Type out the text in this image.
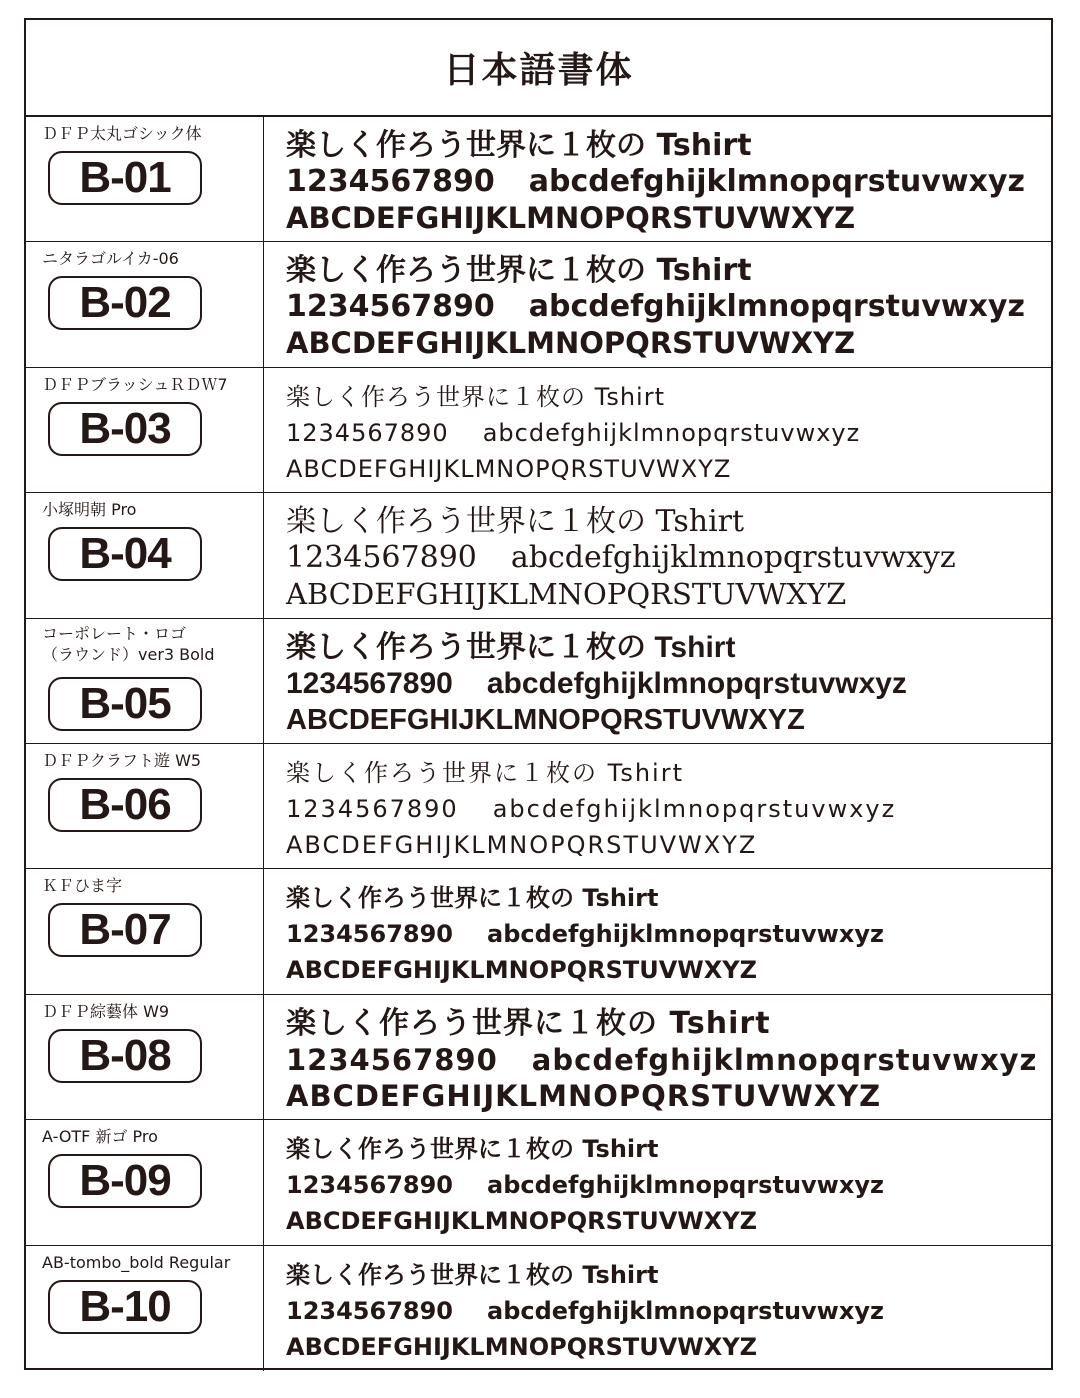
日本語書体
ＤＦＰ太丸ゴシック体
B-01
楽しく作ろう世界に１枚の Tshirt
1234567890 abcdefghijklmnopqrstuvwxyz
ABCDEFGHIJKLMNOPQRSTUVWXYZ
ニタラゴルイカ-06
B-02
楽しく作ろう世界に１枚の Tshirt
1234567890 abcdefghijklmnopqrstuvwxyz
ABCDEFGHIJKLMNOPQRSTUVWXYZ
ＤＦＰブラッシュＲＤＷ7
B-03
楽しく作ろう世界に１枚の Tshirt
1234567890 abcdefghijklmnopqrstuvwxyz
ABCDEFGHIJKLMNOPQRSTUVWXYZ
小塚明朝 Pro
B-04
楽しく作ろう世界に１枚の Tshirt
1234567890 abcdefghijklmnopqrstuvwxyz
ABCDEFGHIJKLMNOPQRSTUVWXYZ
コーポレート・ロゴ
（ラウンド）ver3 Bold
B-05
楽しく作ろう世界に１枚の Tshirt
1234567890 abcdefghijklmnopqrstuvwxyz
ABCDEFGHIJKLMNOPQRSTUVWXYZ
ＤＦＰクラフト遊 W5
B-06
楽しく作ろう世界に１枚の Tshirt
1234567890 abcdefghijklmnopqrstuvwxyz
ABCDEFGHIJKLMNOPQRSTUVWXYZ
ＫＦひま字
B-07
楽しく作ろう世界に１枚の Tshirt
1234567890 abcdefghijklmnopqrstuvwxyz
ABCDEFGHIJKLMNOPQRSTUVWXYZ
ＤＦＰ綜藝体 W9
B-08
楽しく作ろう世界に１枚の Tshirt
1234567890 abcdefghijklmnopqrstuvwxyz
ABCDEFGHIJKLMNOPQRSTUVWXYZ
A-OTF 新ゴ Pro
B-09
楽しく作ろう世界に１枚の Tshirt
1234567890 abcdefghijklmnopqrstuvwxyz
ABCDEFGHIJKLMNOPQRSTUVWXYZ
AB-tombo_bold Regular
B-10
楽しく作ろう世界に１枚の Tshirt
1234567890 abcdefghijklmnopqrstuvwxyz
ABCDEFGHIJKLMNOPQRSTUVWXYZ
